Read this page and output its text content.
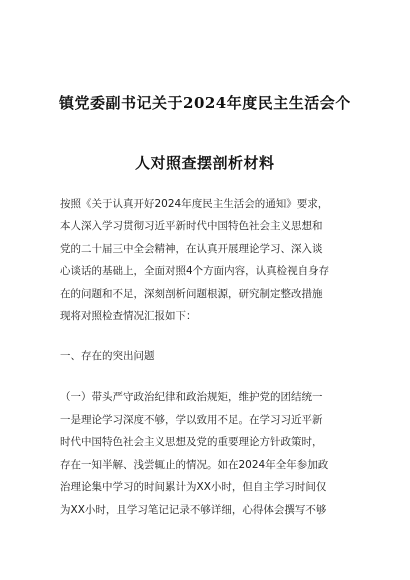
镇党委副书记关于2024年度民主生活会个
人对照查摆剖析材料
按照《关于认真开好2024年度民主生活会的通知》要求，
本人深入学习贯彻习近平新时代中国特色社会主义思想和
党的二十届三中全会精神，在认真开展理论学习、深入谈
心谈话的基础上，全面对照4个方面内容，认真检视自身存
在的问题和不足，深刻剖析问题根源，研究制定整改措施
现将对照检查情况汇报如下：
一、存在的突出问题
（一）带头严守政治纪律和政治规矩，维护党的团结统一
一是理论学习深度不够，学以致用不足。在学习习近平新
时代中国特色社会主义思想及党的重要理论方针政策时，
存在一知半解、浅尝辄止的情况。如在2024年全年参加政
治理论集中学习的时间累计为XX小时，但自主学习时间仅
为XX小时，且学习笔记记录不够详细，心得体会撰写不够
